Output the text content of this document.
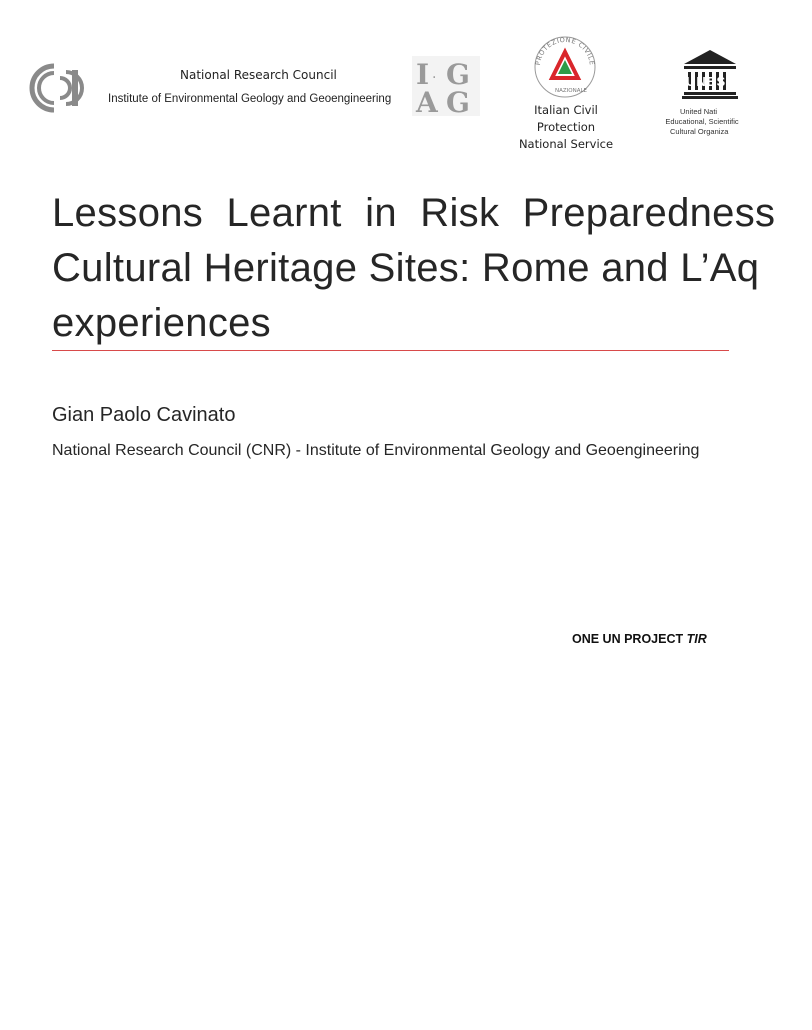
National Research Council
Institute of Environmental Geology and Geoengineering
I · G
A G
PROTEZIONE CIVILE
NAZIONALE
Italian Civil
Protection
National Service
UNESCO
United Nati
Educational, Scientific
Cultural Organiza
Lessons Learnt in Risk Preparedness
Cultural Heritage Sites: Rome and L’Aq
experiences
Gian Paolo Cavinato
National Research Council (CNR) - Institute of Environmental Geology and Geoengineering
ONE UN PROJECT TIR
